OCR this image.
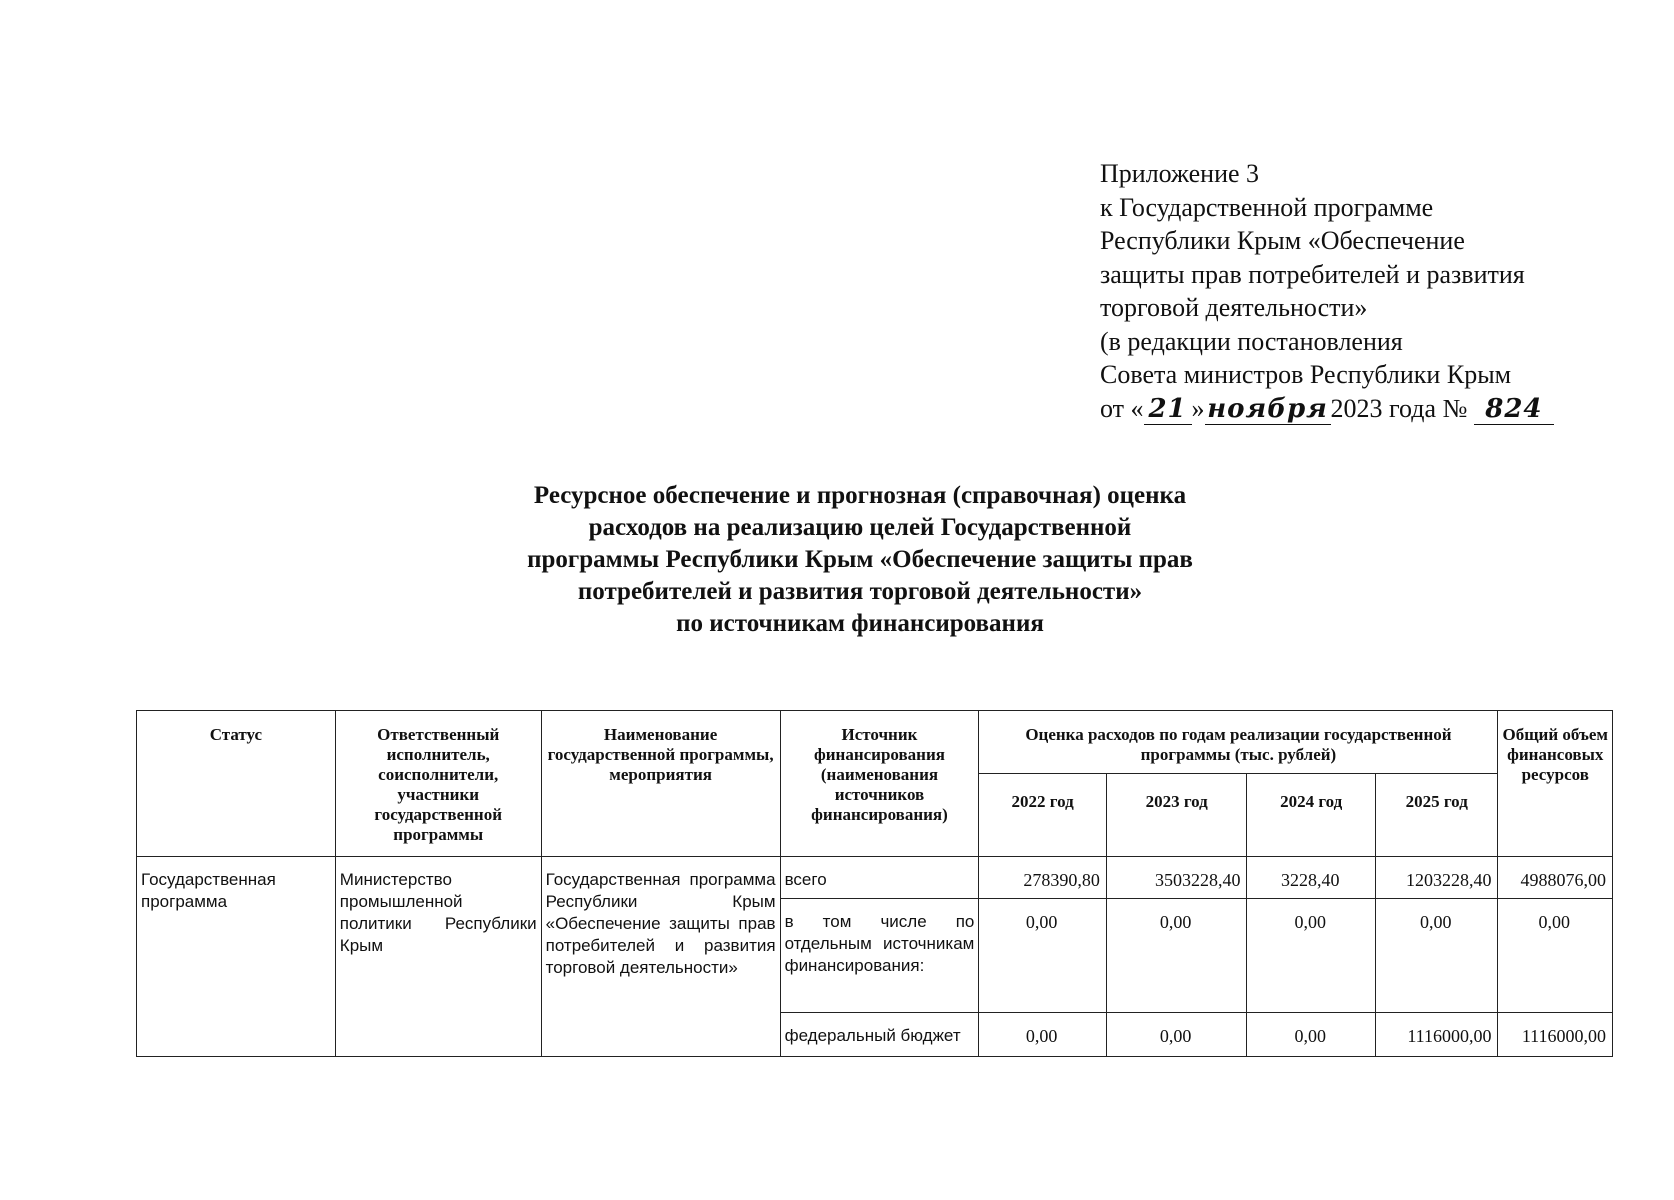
Приложение 3
к Государственной программе
Республики Крым «Обеспечение
защиты прав потребителей и развития
торговой деятельности»
(в редакции постановления
Совета министров Республики Крым
от « 21 » ноября 2023 года № 824
Ресурсное обеспечение и прогнозная (справочная) оценка
расходов на реализацию целей Государственной
программы Республики Крым «Обеспечение защиты прав
потребителей и развития торговой деятельности»
по источникам финансирования
Статус	Ответственный исполнитель, соисполнители, участники государственной программы	Наименование государственной программы, мероприятия	Источник финансирования (наименования источников финансирования)	Оценка расходов по годам реализации государственной программы (тыс. рублей)				Общий объем финансовых ресурсов
				2022 год	2023 год	2024 год	2025 год	
Государственная программа	Министерство промышленной политики Республики Крым	Государственная программа Республики Крым «Обеспечение защиты прав потребителей и развития торговой деятельности»	всего	278390,80	3503228,40	3228,40	1203228,40	4988076,00
			в том числе по отдельным источникам финансирования:	0,00	0,00	0,00	0,00	0,00
			федеральный бюджет	0,00	0,00	0,00	1116000,00	1116000,00
